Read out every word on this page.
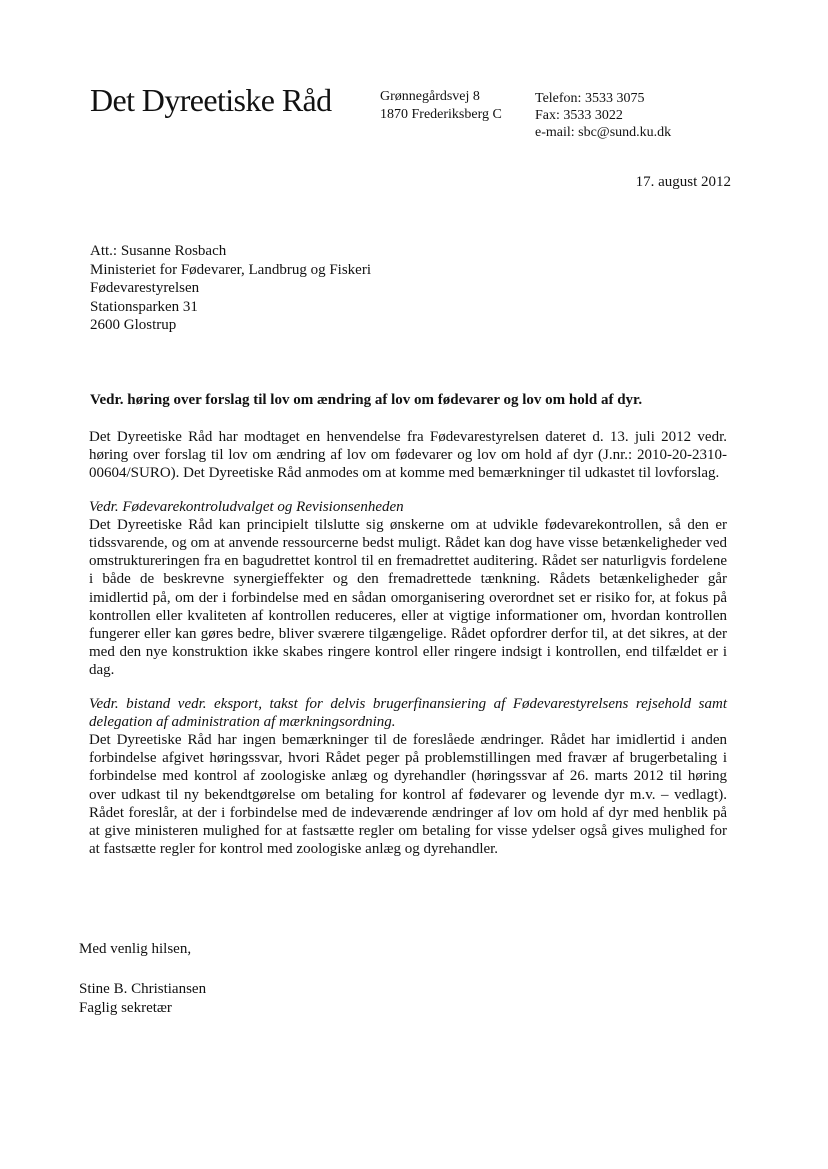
Det Dyreetiske Råd	Grønnegårdsvej 8
1870 Frederiksberg C
Telefon: 3533 3075
Fax: 3533 3022
e-mail: sbc@sund.ku.dk
17. august 2012
Att.: Susanne Rosbach
Ministeriet for Fødevarer, Landbrug og Fiskeri
Fødevarestyrelsen
Stationsparken 31
2600 Glostrup
Vedr. høring over forslag til lov om ændring af lov om fødevarer og lov om hold af dyr.

Det Dyreetiske Råd har modtaget en henvendelse fra Fødevarestyrelsen dateret d. 13. juli 2012 vedr. høring over forslag til lov om ændring af lov om fødevarer og lov om hold af dyr (J.nr.: 2010-20-2310-00604/SURO). Det Dyreetiske Råd anmodes om at komme med bemærkninger til udkastet til lovforslag.

Vedr. Fødevarekontroludvalget og Revisionsenheden

Det Dyreetiske Råd kan principielt tilslutte sig ønskerne om at udvikle fødevarekontrollen, så den er tidssvarende, og om at anvende ressourcerne bedst muligt. Rådet kan dog have visse betænkeligheder ved omstruktureringen fra en bagudrettet kontrol til en fremadrettet auditering. Rådet ser naturligvis fordelene i både de beskrevne synergieffekter og den fremadrettede tænkning. Rådets betænkeligheder går imidlertid på, om der i forbindelse med en sådan omorganisering overordnet set er risiko for, at fokus på kontrollen eller kvaliteten af kontrollen reduceres, eller at vigtige informationer om, hvordan kontrollen fungerer eller kan gøres bedre, bliver sværere tilgængelige. Rådet opfordrer derfor til, at det sikres, at der med den nye konstruktion ikke skabes ringere kontrol eller ringere indsigt i kontrollen, end tilfældet er i dag.

Vedr. bistand vedr. eksport, takst for delvis brugerfinansiering af Fødevarestyrelsens rejsehold samt delegation af administration af mærkningsordning.

Det Dyreetiske Råd har ingen bemærkninger til de foreslåede ændringer. Rådet har imidlertid i anden forbindelse afgivet høringssvar, hvori Rådet peger på problemstillingen med fravær af brugerbetaling i forbindelse med kontrol af zoologiske anlæg og dyrehandler (høringssvar af 26. marts 2012 til høring over udkast til ny bekendtgørelse om betaling for kontrol af fødevarer og levende dyr m.v. – vedlagt). Rådet foreslår, at der i forbindelse med de indeværende ændringer af lov om hold af dyr med henblik på at give ministeren mulighed for at fastsætte regler om betaling for visse ydelser også gives mulighed for at fastsætte regler for kontrol med zoologiske anlæg og dyrehandler.

Med venlig hilsen,
Stine B. Christiansen
Faglig sekretær
